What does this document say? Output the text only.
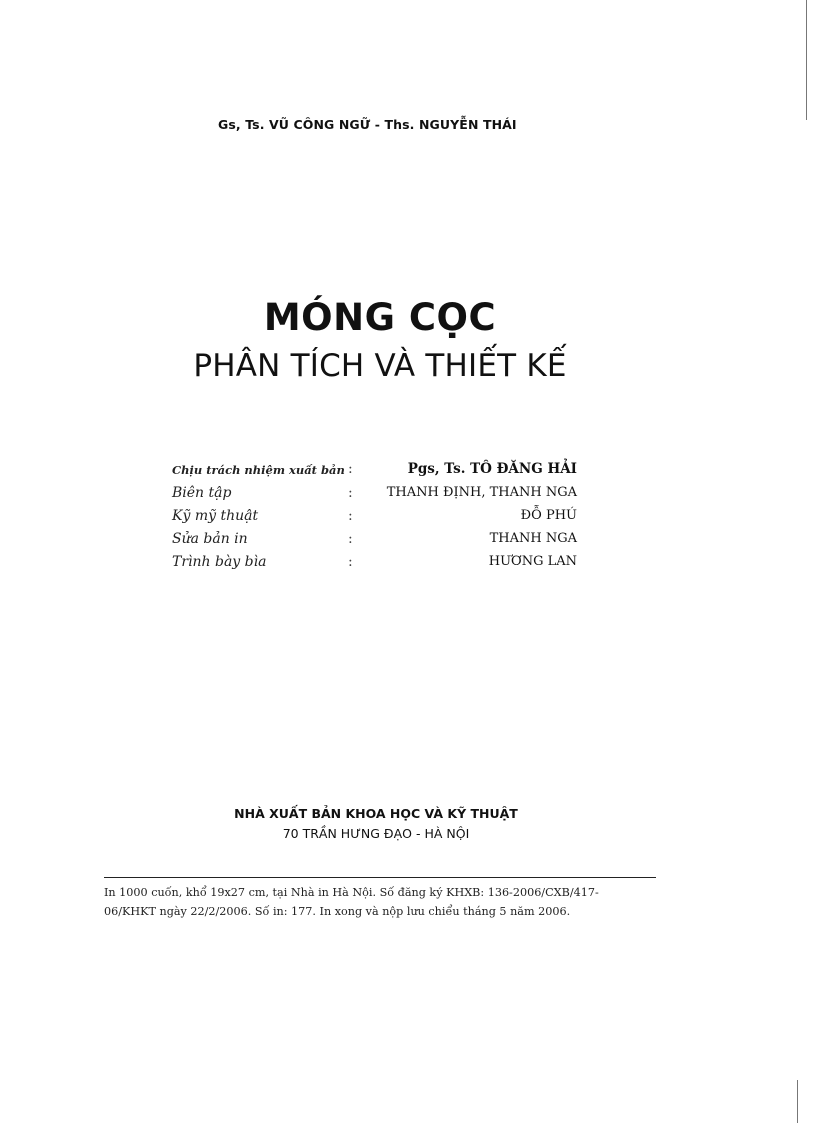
Gs, Ts. VŨ CÔNG NGỮ - Ths. NGUYỄN THÁI
MÓNG CỌC
PHÂN TÍCH VÀ THIẾT KẾ
Chịu trách nhiệm xuất bản :	Pgs, Ts. TÔ ĐĂNG HẢI
Biên tập	:	THANH ĐỊNH, THANH NGA
Kỹ mỹ thuật	:	ĐỖ PHÚ
Sửa bản in	:	THANH NGA
Trình bày bìa	:	HƯƠNG LAN
NHÀ XUẤT BẢN KHOA HỌC VÀ KỸ THUẬT
70 TRẦN HƯNG ĐẠO - HÀ NỘI
In 1000 cuốn, khổ 19x27 cm, tại Nhà in Hà Nội. Số đăng ký KHXB: 136-2006/CXB/417-
06/KHKT ngày 22/2/2006. Số in: 177. In xong và nộp lưu chiểu tháng 5 năm 2006.
